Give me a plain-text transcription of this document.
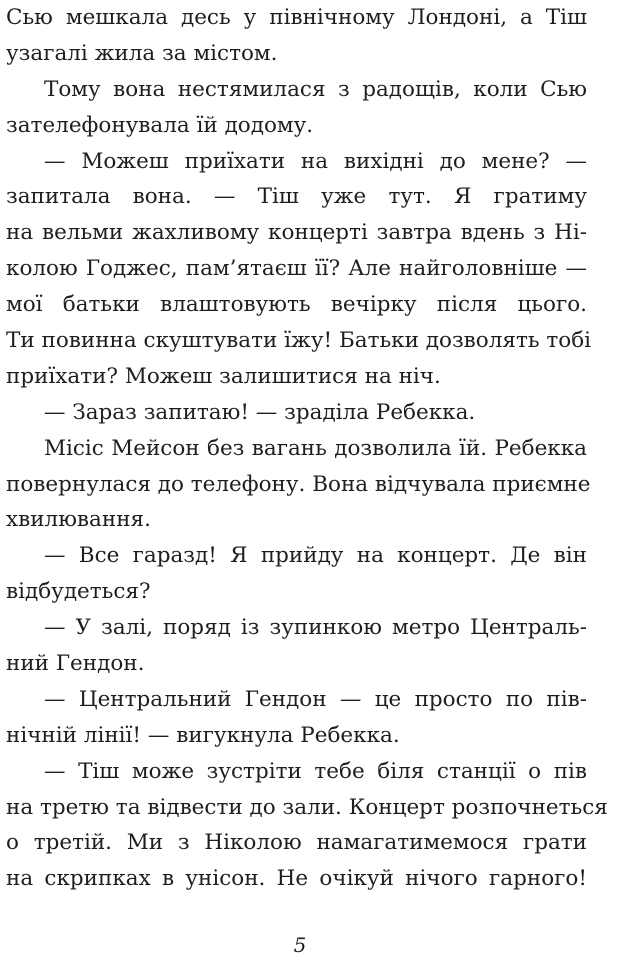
Сью мешкала десь у північному Лондоні, а Тіш
узагалі жила за містом.
Тому вона нестямилася з радощів, коли Сью
зателефонувала їй додому.
— Можеш приїхати на вихідні до мене? —
запитала вона. — Тіш уже тут. Я гратиму
на вельми жахливому концерті завтра вдень з Ні-
колою Годжес, пам’ятаєш її? Але найголовніше —
мої батьки влаштовують вечірку після цього.
Ти повинна скуштувати їжу! Батьки дозволять тобі
приїхати? Можеш залишитися на ніч.
— Зараз запитаю! — зраділа Ребекка.
Місіс Мейсон без вагань дозволила їй. Ребекка
повернулася до телефону. Вона відчувала приємне
хвилювання.
— Все гаразд! Я прийду на концерт. Де він
відбудеться?
— У залі, поряд із зупинкою метро Централь-
ний Гендон.
— Центральний Гендон — це просто по пів-
нічній лінії! — вигукнула Ребекка.
— Тіш може зустріти тебе біля станції о пів
на третю та відвести до зали. Концерт розпочнеться
о третій. Ми з Ніколою намагатимемося грати
на скрипках в унісон. Не очікуй нічого гарного!
5
